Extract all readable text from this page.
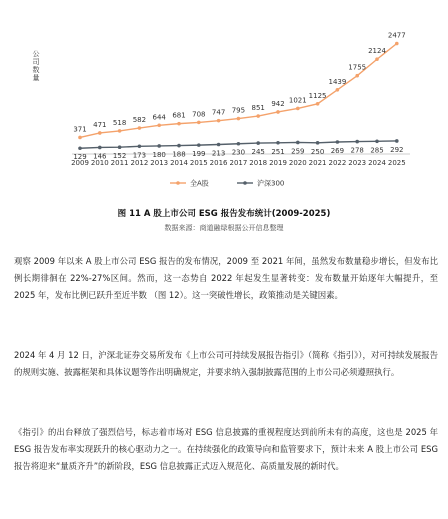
公司数量
371
471 518 582 644 681 708 747 795 851
942 1021
1125
1439
1755
2124
2477
129 146 152 173 180 188 199 213 230 245 251 259 250 269 278 285 292
2009 2010 2011 2012 2013 2014 2015 2016 2017 2018 2019 2020 2021 2022 2023 2024 2025
全A股	沪深300
图 11 A 股上市公司 ESG 报告发布统计(2009-2025)
数据来源：商道融绿根据公开信息整理

观察 2009 年以来 A 股上市公司 ESG 报告的发布情况，2009 至 2021 年间，虽然发布数量稳步增长，但发布比例长期徘徊在 22%-27%区间。然而，这一态势自 2022 年起发生显著转变：发布数量开始逐年大幅提升，至 2025 年，发布比例已跃升至近半数 （图 12）。这一突破性增长，政策推动是关键因素。

2024 年 4 月 12 日，沪深北证券交易所发布《上市公司可持续发展报告指引》（简称《指引》），对可持续发展报告的规则实施、披露框架和具体议题等作出明确规定，并要求纳入强制披露范围的上市公司必须遵照执行。

《指引》的出台释放了强烈信号，标志着市场对 ESG 信息披露的重视程度达到前所未有的高度，这也是 2025 年 ESG 报告发布率实现跃升的核心驱动力之一。在持续强化的政策导向和监管要求下，预计未来 A 股上市公司 ESG 报告将迎来“量质齐升”的新阶段，ESG 信息披露正式迈入规范化、高质量发展的新时代。
